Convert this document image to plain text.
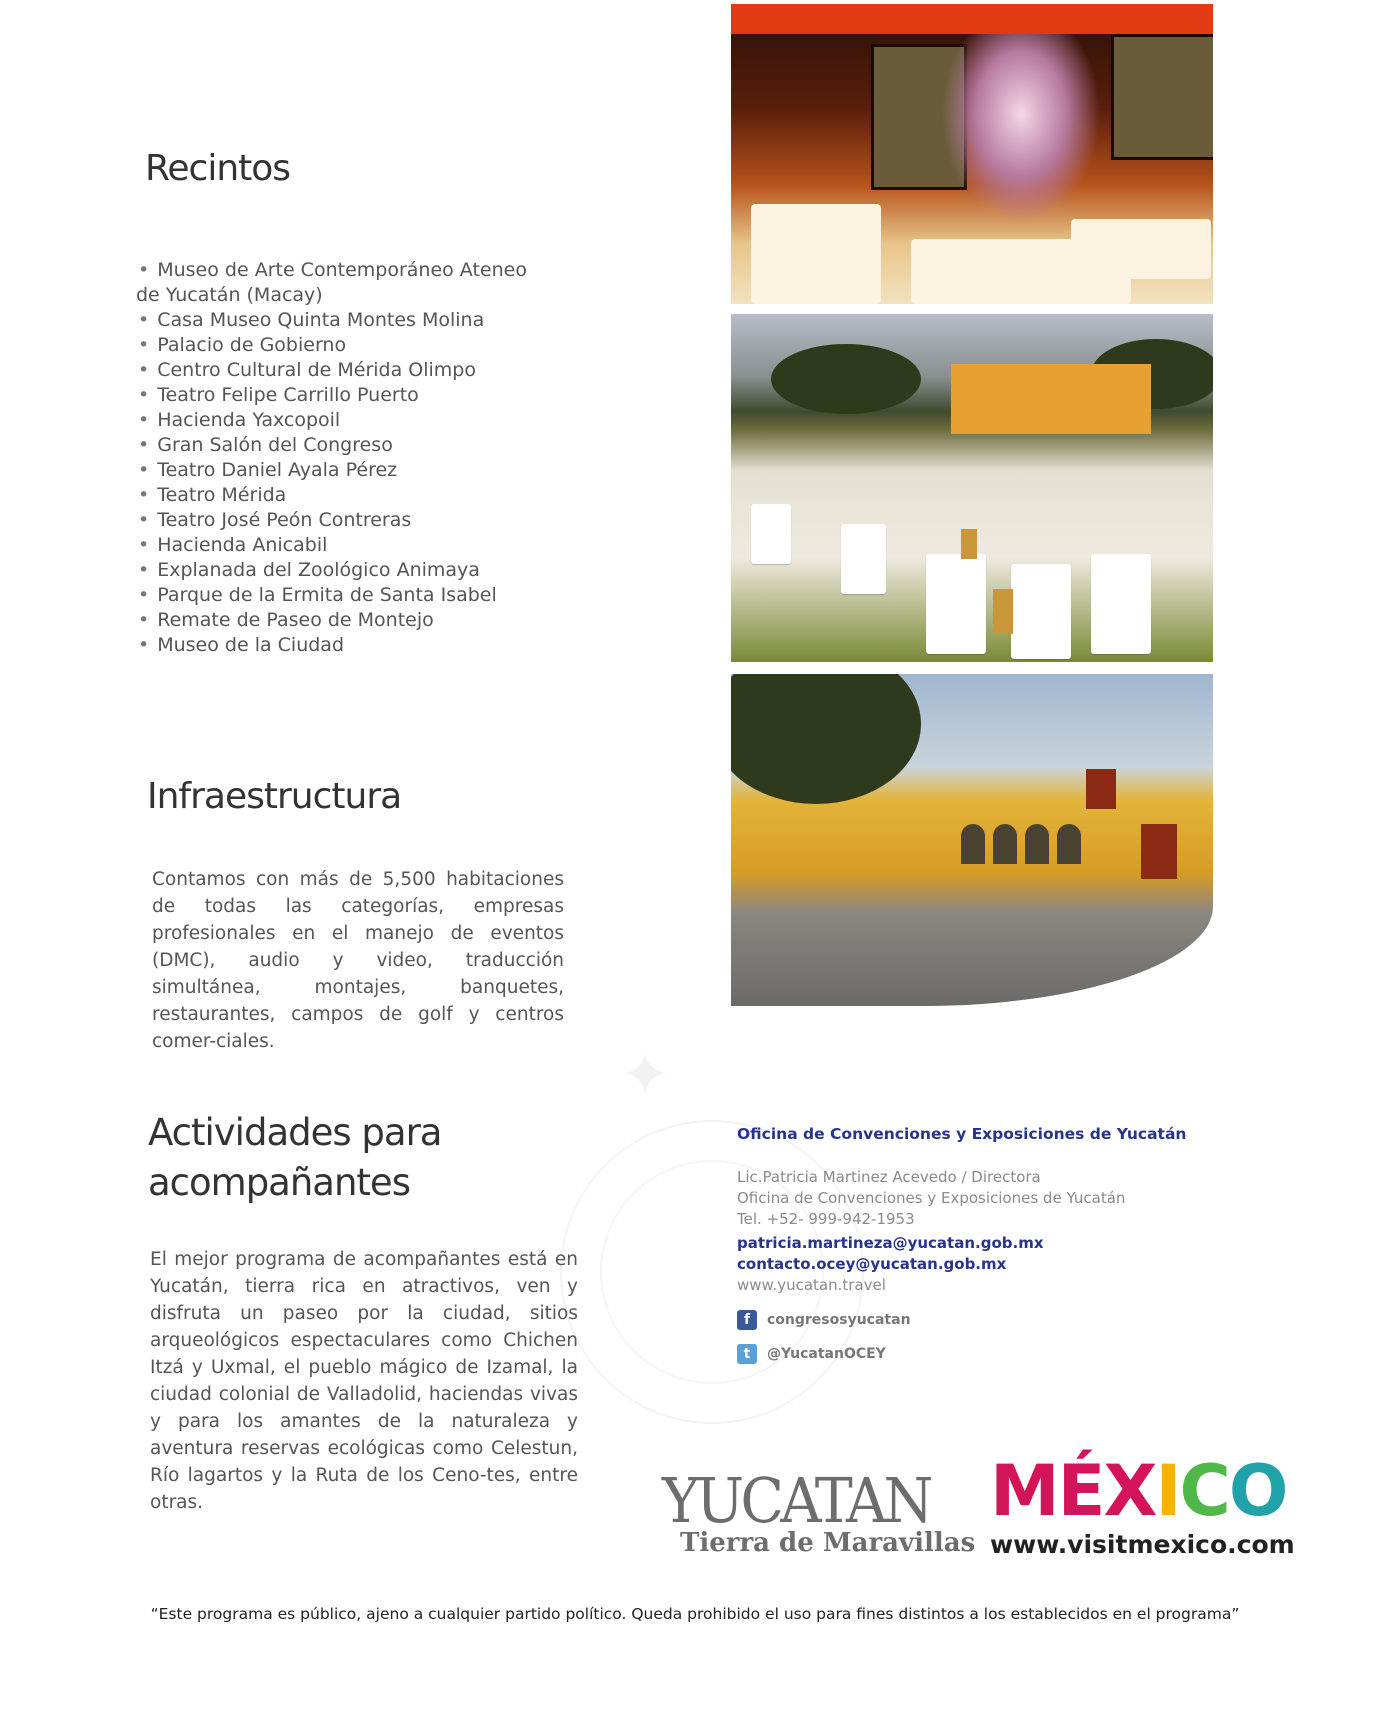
✦
Recintos
• Museo de Arte Contemporáneo Ateneo de Yucatán (Macay)
• Casa Museo Quinta Montes Molina
• Palacio de Gobierno
• Centro Cultural de Mérida Olimpo
• Teatro Felipe Carrillo Puerto
• Hacienda Yaxcopoil
• Gran Salón del Congreso
• Teatro Daniel Ayala Pérez
• Teatro Mérida
• Teatro José Peón Contreras
• Hacienda Anicabil
• Explanada del Zoológico Animaya
• Parque de la Ermita de Santa Isabel
• Remate de Paseo de Montejo
• Museo de la Ciudad
Infraestructura

Contamos con más de 5,500 habitaciones de todas las categorías, empresas profesionales en el manejo de eventos (DMC), audio y video, traducción simultánea, montajes, banquetes, restaurantes, campos de golf y centros comer-ciales.

Actividades para acompañantes

El mejor programa de acompañantes está en Yucatán, tierra rica en atractivos, ven y disfruta un paseo por la ciudad, sitios arqueológicos espectaculares como Chichen Itzá y Uxmal, el pueblo mágico de Izamal, la ciudad colonial de Valladolid, haciendas vivas y para los amantes de la naturaleza y aventura reservas ecológicas como Celestun, Río lagartos y la Ruta de los Ceno-tes, entre otras.

Oficina de Convenciones y Exposiciones de Yucatán
Lic.Patricia Martinez Acevedo / Directora
Oficina de Convenciones y Exposiciones de Yucatán
Tel. +52- 999-942-1953
patricia.martineza@yucatan.gob.mx
contacto.ocey@yucatan.gob.mx
www.yucatan.travel
f	congresosyucatan
t	@YucatanOCEY
YUCATAN
Tierra de Maravillas
MÉXICO
www.visitmexico.com
“Este programa es público, ajeno a cualquier partido político. Queda prohibido el uso para fines distintos a los establecidos en el programa”
